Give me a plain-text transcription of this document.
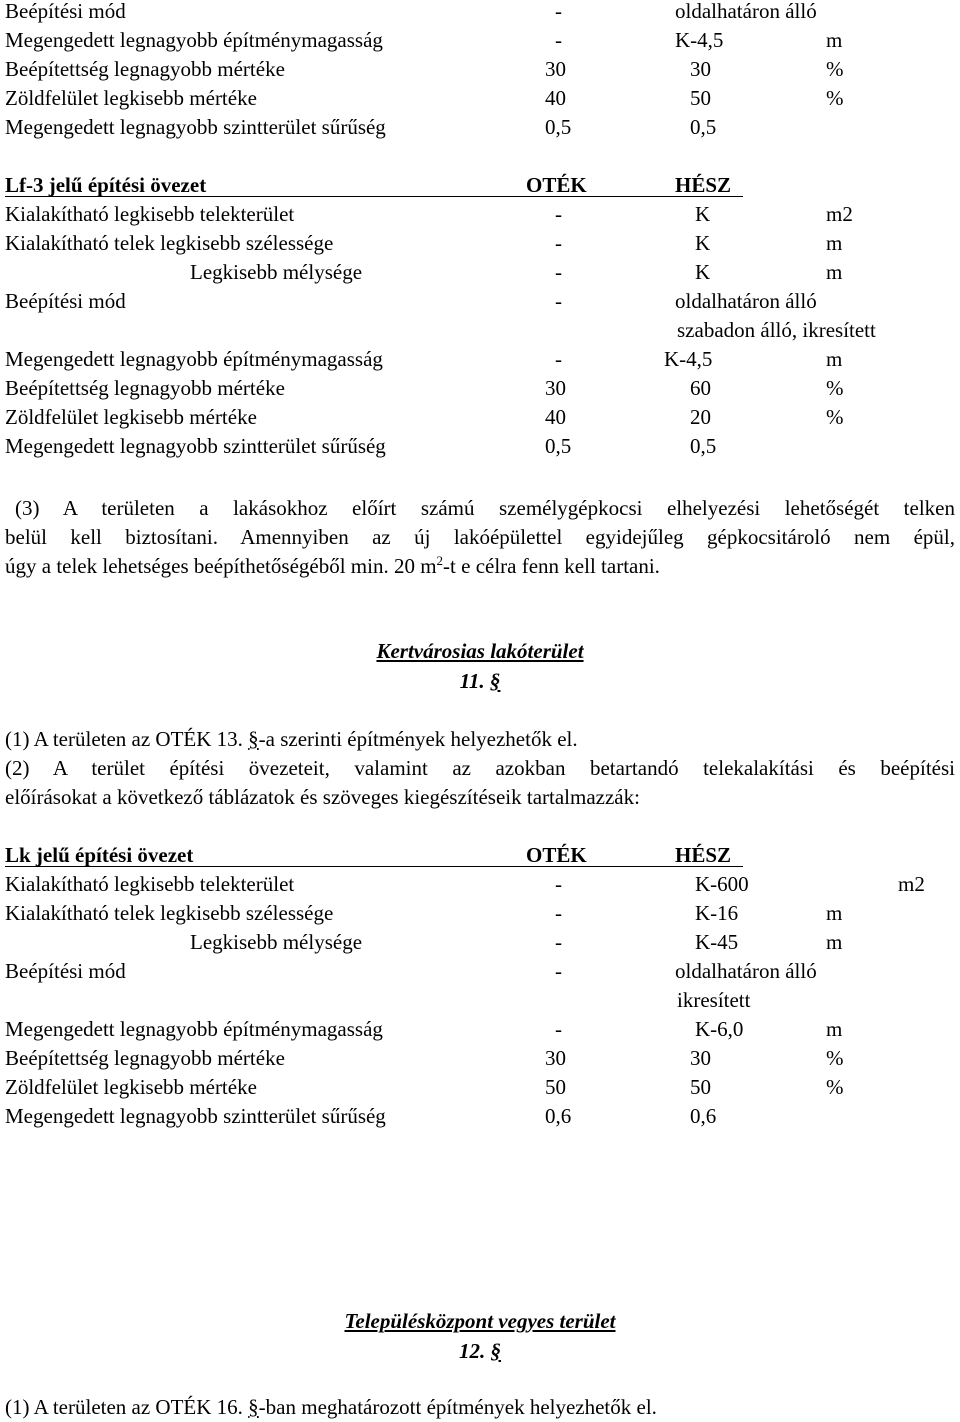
Beépítési mód	-	oldalhatáron álló
Megengedett legnagyobb építménymagasság	-	K-4,5	m
Beépítettség legnagyobb mértéke	30	30	%
Zöldfelület legkisebb mértéke	40	50	%
Megengedett legnagyobb szintterület sűrűség	0,5	0,5
Lf-3 jelű építési övezet	OTÉK	HÉSZ
Kialakítható legkisebb telekterület	-	K	m2
Kialakítható telek legkisebb szélessége	-	K	m
Legkisebb mélysége	-	K	m
Beépítési mód	-	oldalhatáron álló
szabadon álló, ikresített
Megengedett legnagyobb építménymagasság	-	K-4,5	m
Beépítettség legnagyobb mértéke	30	60	%
Zöldfelület legkisebb mértéke	40	20	%
Megengedett legnagyobb szintterület sűrűség	0,5	0,5
(3) A területen a lakásokhoz előírt számú személygépkocsi elhelyezési lehetőségét telken
belül kell biztosítani. Amennyiben az új lakóépülettel egyidejűleg gépkocsitároló nem épül,
úgy a telek lehetséges beépíthetőségéből min. 20 $m^2-t$ e célra fenn kell tartani.
Kertvárosias lakóterület
11. §
(1) A területen az OTÉK 13. §-a szerinti építmények helyezhetők el.
(2) A terület építési övezeteit, valamint az azokban betartandó telekalakítási és beépítési
előírásokat a következő táblázatok és szöveges kiegészítéseik tartalmazzák:
Lk jelű építési övezet	OTÉK	HÉSZ
Kialakítható legkisebb telekterület	-	K-600	m2
Kialakítható telek legkisebb szélessége	-	K-16	m
Legkisebb mélysége	-	K-45	m
Beépítési mód	-	oldalhatáron álló
ikresített
Megengedett legnagyobb építménymagasság	-	K-6,0	m
Beépítettség legnagyobb mértéke	30	30	%
Zöldfelület legkisebb mértéke	50	50	%
Megengedett legnagyobb szintterület sűrűség	0,6	0,6
Településközpont vegyes terület
12. §
(1) A területen az OTÉK 16. §-ban meghatározott építmények helyezhetők el.
